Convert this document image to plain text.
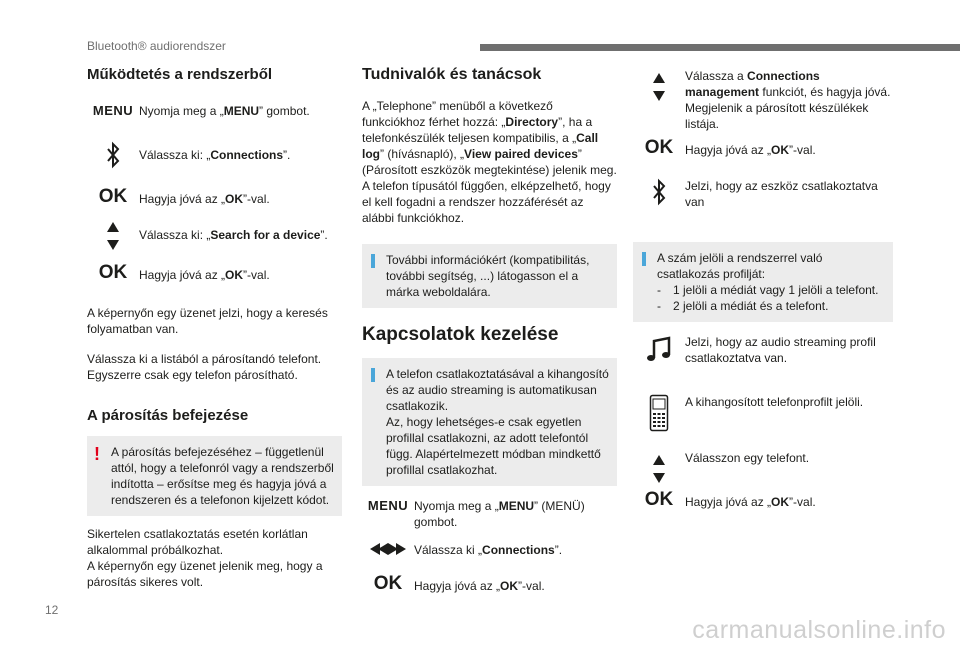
Bluetooth® audiorendszer
12
carmanualsonline.info
Működtetés a rendszerből
MENU Nyomja meg a „MENU” gombot.
Válassza ki: „Connections”.
OK Hagyja jóvá az „OK”-val.
Válassza ki: „Search for a device”.
OK Hagyja jóvá az „OK”-val.

A képernyőn egy üzenet jelzi, hogy a keresés folyamatban van.

Válassza ki a listából a párosítandó telefont. Egyszerre csak egy telefon párosítható.

A párosítás befejezése
! A párosítás befejezéséhez – függetlenül attól, hogy a telefonról vagy a rendszerből indította – erősítse meg és hagyja jóvá a rendszeren és a telefonon kijelzett kódot.

Sikertelen csatlakoztatás esetén korlátlan alkalommal próbálkozhat.
A képernyőn egy üzenet jelenik meg, hogy a párosítás sikeres volt.

Tudnivalók és tanácsok

A „Telephone” menüből a következő funkciókhoz férhet hozzá: „Directory”, ha a telefonkészülék teljesen kompatibilis, a „Call log” (hívásnapló), „View paired devices” (Párosított eszközök megtekintése) jelenik meg.
A telefon típusától függően, elképzelhető, hogy el kell fogadni a rendszer hozzáférését az alábbi funkciókhoz.

További információkért (kompatibilitás, további segítség, ...) látogasson el a márka weboldalára.
Kapcsolatok kezelése
A telefon csatlakoztatásával a kihangosító és az audio streaming is automatikusan csatlakozik.
Az, hogy lehetséges-e csak egyetlen profillal csatlakozni, az adott telefontól függ. Alapértelmezett módban mindkettő profillal csatlakozhat.
MENU Nyomja meg a „MENU” (MENÜ) gombot.
Válassza ki „Connections”.
OK Hagyja jóvá az „OK”-val.
Válassza a Connections management funkciót, és hagyja jóvá. Megjelenik a párosított készülékek listája.
OK Hagyja jóvá az „OK”-val.
Jelzi, hogy az eszköz csatlakoztatva van
A szám jelöli a rendszerrel való csatlakozás profilját:
-	1 jelöli a médiát vagy 1 jelöli a telefont.
-	2 jelöli a médiát és a telefont.
Jelzi, hogy az audio streaming profil csatlakoztatva van.
A kihangosított telefonprofilt jelöli.
Válasszon egy telefont.
OK Hagyja jóvá az „OK”-val.
